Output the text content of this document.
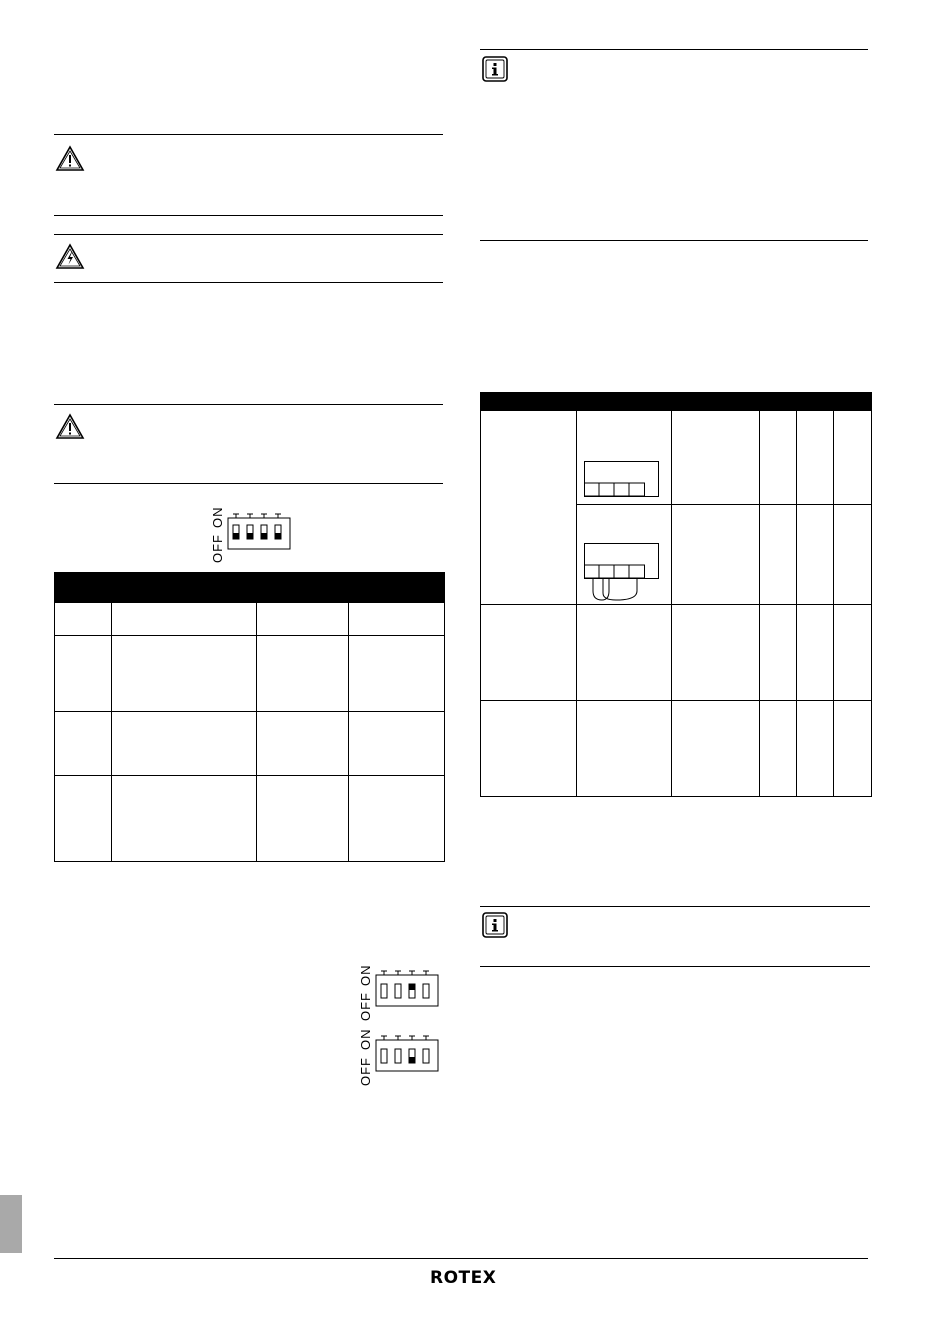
ON
OFF

ON
OFF
ON
OFF

ROTEX
